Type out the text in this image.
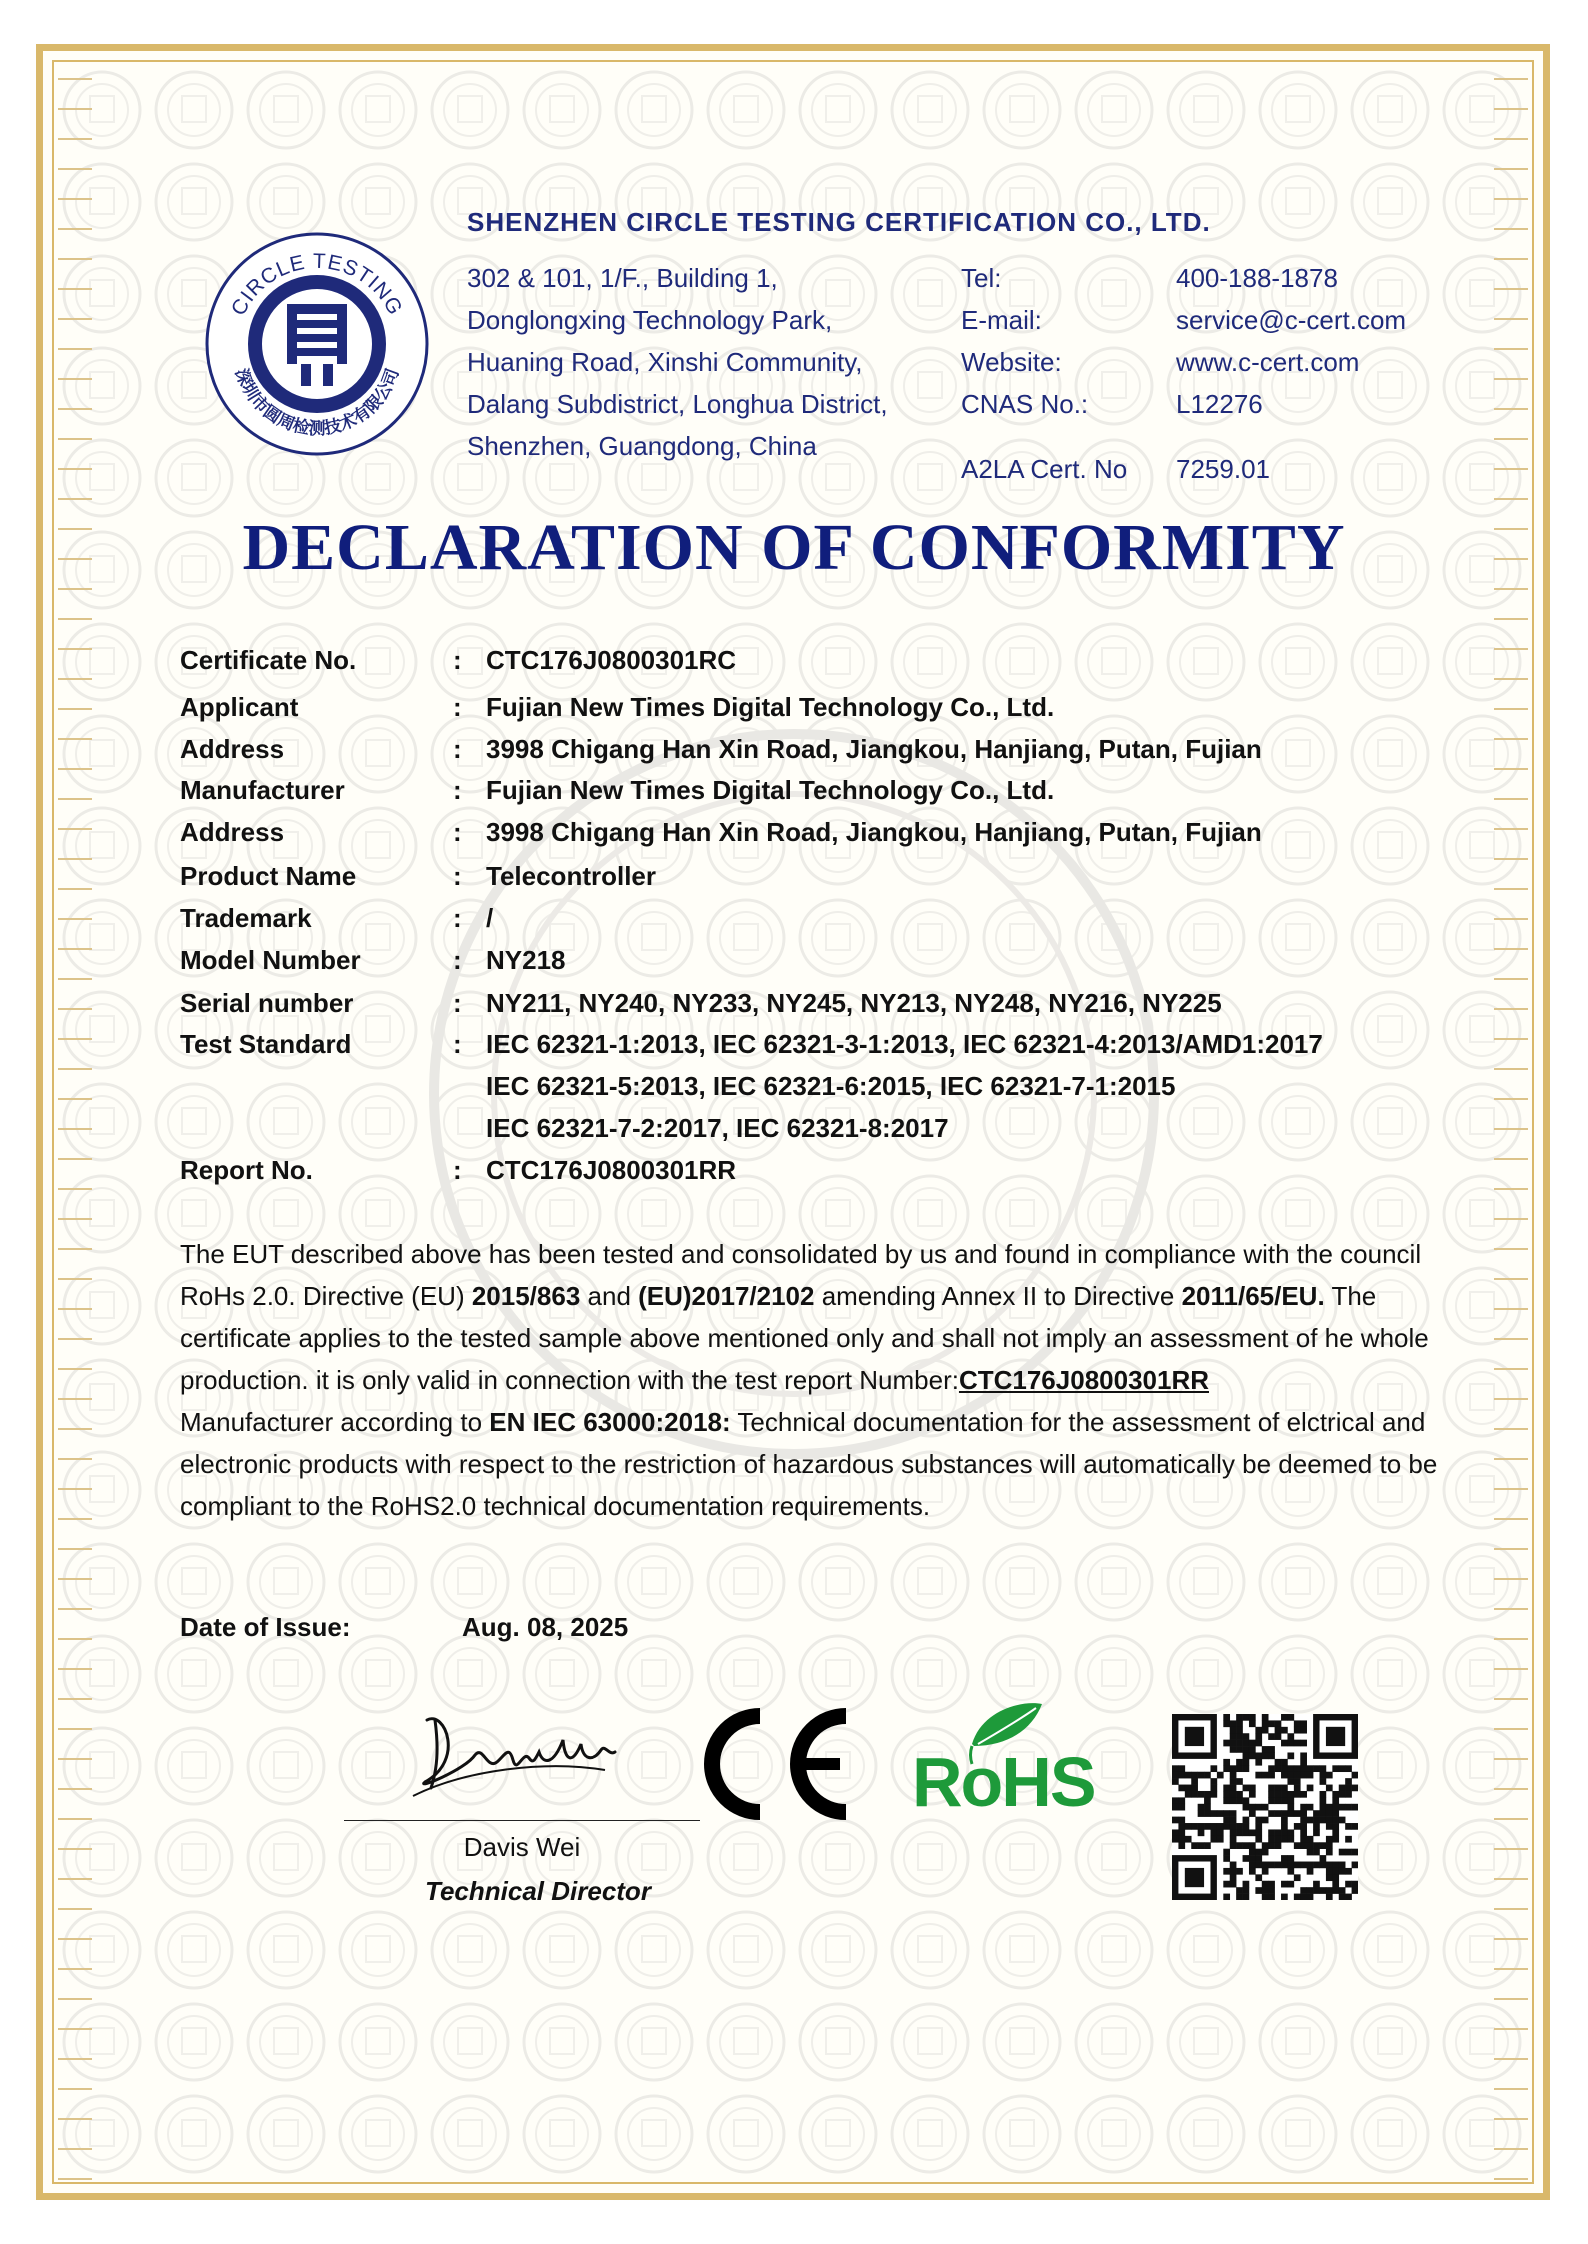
CIRCLE TESTING
深圳市圆周检测技术有限公司
SHENZHEN CIRCLE TESTING CERTIFICATION CO., LTD.
302 & 101, 1/F., Building 1,
Donglongxing Technology Park,
Huaning Road, Xinshi Community,
Dalang Subdistrict, Longhua District,
Shenzhen, Guangdong, China
Tel:	400-188-1878
E-mail:	service@c-cert.com
Website:	www.c-cert.com
CNAS No.:	L12276
A2LA Cert. No 7259.01
DECLARATION OF CONFORMITY
Certificate No.	: CTC176J0800301RC
Applicant	: Fujian New Times Digital Technology Co., Ltd.
Address	: 3998 Chigang Han Xin Road, Jiangkou, Hanjiang, Putan, Fujian
Manufacturer	: Fujian New Times Digital Technology Co., Ltd.
Address	: 3998 Chigang Han Xin Road, Jiangkou, Hanjiang, Putan, Fujian
Product Name	: Telecontroller
Trademark	: /
Model Number	: NY218
Serial number	: NY211, NY240, NY233, NY245, NY213, NY248, NY216, NY225
Test Standard	: IEC 62321-1:2013, IEC 62321-3-1:2013, IEC 62321-4:2013/AMD1:2017
IEC 62321-5:2013, IEC 62321-6:2015, IEC 62321-7-1:2015
IEC 62321-7-2:2017, IEC 62321-8:2017
Report No.	: CTC176J0800301RR
The EUT described above has been tested and consolidated by us and found in compliance with the council RoHs 2.0. Directive (EU) 2015/863 and (EU)2017/2102 amending Annex II to Directive 2011/65/EU. The certificate applies to the tested sample above mentioned only and shall not imply an assessment of he whole production. it is only valid in connection with the test report Number:CTC176J0800301RR
Manufacturer according to EN IEC 63000:2018: Technical documentation for the assessment of elctrical and electronic products with respect to the restriction of hazardous substances will automatically be deemed to be compliant to the RoHS2.0 technical documentation requirements.
Date of Issue:	Aug. 08, 2025
Davis Wei
Technical Director
RoHS
